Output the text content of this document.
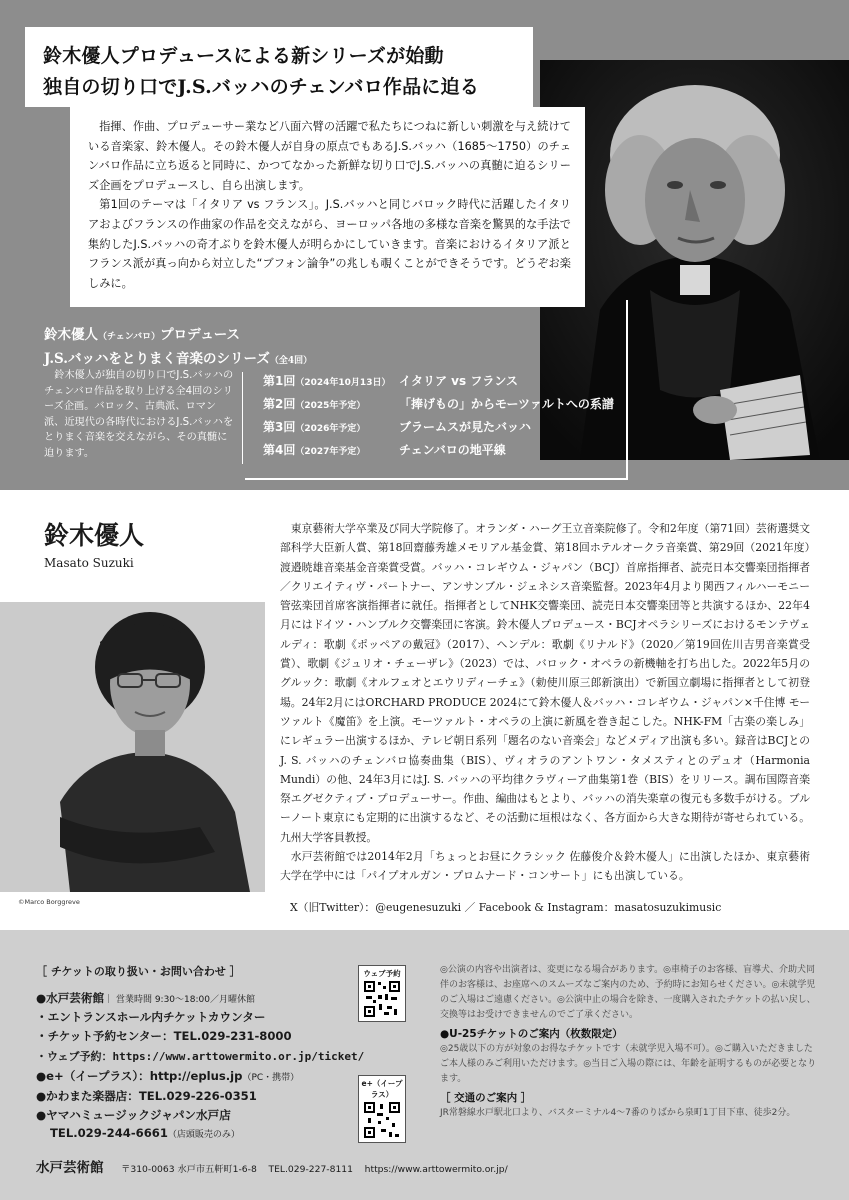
鈴木優人プロデュースによる新シリーズが始動
独自の切り口でJ.S.バッハのチェンバロ作品に迫る

指揮、作曲、プロデューサー業など八面六臂の活躍で私たちにつねに新しい刺激を与え続けている音楽家、鈴木優人。その鈴木優人が自身の原点でもあるJ.S.バッハ（1685～1750）のチェンバロ作品に立ち返ると同時に、かつてなかった新鮮な切り口でJ.S.バッハの真髄に迫るシリーズ企画をプロデュースし、自ら出演します。

第1回のテーマは「イタリア vs フランス」。J.S.バッハと同じバロック時代に活躍したイタリアおよびフランスの作曲家の作品を交えながら、ヨーロッパ各地の多様な音楽を驚異的な手法で集約したJ.S.バッハの奇才ぶりを鈴木優人が明らかにしていきます。音楽におけるイタリア派とフランス派が真っ向から対立した“ブフォン論争”の兆しも覗くことができそうです。どうぞお楽しみに。

鈴木優人（チェンバロ）プロデュース
J.S.バッハをとりまく音楽のシリーズ（全4回）
鈴木優人が独自の切り口でJ.S.バッハのチェンバロ作品を取り上げる全4回のシリーズ企画。バロック、古典派、ロマン派、近現代の各時代におけるJ.S.バッハをとりまく音楽を交えながら、その真髄に迫ります。
第1回（2024年10月13日） イタリア vs フランス
第2回（2025年予定）	「捧げもの」からモーツァルトへの系譜
第3回（2026年予定）	ブラームスが見たバッハ
第4回（2027年予定）	チェンバロの地平線
鈴木優人
Masato Suzuki
©Marco Borggreve

東京藝術大学卒業及び同大学院修了。オランダ・ハーグ王立音楽院修了。令和2年度（第71回）芸術選奨文部科学大臣新人賞、第18回齋藤秀雄メモリアル基金賞、第18回ホテルオークラ音楽賞、第29回（2021年度）渡邉暁雄音楽基金音楽賞受賞。バッハ・コレギウム・ジャパン（BCJ）首席指揮者、読売日本交響楽団指揮者／クリエイティヴ・パートナー、アンサンブル・ジェネシス音楽監督。2023年4月より関西フィルハーモニー管弦楽団首席客演指揮者に就任。指揮者としてNHK交響楽団、読売日本交響楽団等と共演するほか、22年4月にはドイツ・ハンブルク交響楽団に客演。鈴木優人プロデュース・BCJオペラシリーズにおけるモンテヴェルディ：歌劇《ポッペアの戴冠》（2017）、ヘンデル：歌劇《リナルド》（2020／第19回佐川吉男音楽賞受賞）、歌劇《ジュリオ・チェーザレ》（2023）では、バロック・オペラの新機軸を打ち出した。2022年5月のグルック：歌劇《オルフェオとエウリディーチェ》（勅使川原三郎新演出）で新国立劇場に指揮者として初登場。24年2月にはORCHARD PRODUCE 2024にて鈴木優人＆バッハ・コレギウム・ジャパン×千住博 モーツァルト《魔笛》を上演。モーツァルト・オペラの上演に新風を巻き起こした。NHK-FM「古楽の楽しみ」にレギュラー出演するほか、テレビ朝日系列「題名のない音楽会」などメディア出演も多い。録音はBCJとのJ. S. バッハのチェンバロ協奏曲集（BIS）、ヴィオラのアントワン・タメスティとのデュオ（Harmonia Mundi）の他、24年3月にはJ. S. バッハの平均律クラヴィーア曲集第1巻（BIS）をリリース。調布国際音楽祭エグゼクティブ・プロデューサー。作曲、編曲はもとより、バッハの消失楽章の復元も多数手がける。ブルーノート東京にも定期的に出演するなど、その活動に垣根はなく、各方面から大きな期待が寄せられている。九州大学客員教授。

水戸芸術館では2014年2月「ちょっとお昼にクラシック 佐藤俊介＆鈴木優人」に出演したほか、東京藝術大学在学中には「パイプオルガン・プロムナード・コンサート」にも出演している。

X（旧Twitter）：@eugenesuzuki ／ Facebook & Instagram：masatosuzukimusic
［ チケットの取り扱い・お問い合わせ ］
●水戸芸術館｜ 営業時間 9:30～18:00／月曜休館
・エントランスホール内チケットカウンター
・チケット予約センター：TEL.029-231-8000
・ウェブ予約：https://www.arttowermito.or.jp/ticket/
●e+（イープラス）：http://eplus.jp（PC・携帯）
●かわまた楽器店：TEL.029-226-0351
●ヤマハミュージックジャパン水戸店
TEL.029-244-6661（店頭販売のみ）
ウェブ予約
e+（イープラス）
◎公演の内容や出演者は、変更になる場合があります。◎車椅子のお客様、盲導犬、介助犬同伴のお客様は、お座席へのスムーズなご案内のため、予約時にお知らせください。◎未就学児のご入場はご遠慮ください。◎公演中止の場合を除き、一度購入されたチケットの払い戻し、交換等はお受けできませんのでご了承ください。
●U-25チケットのご案内（枚数限定）
◎25歳以下の方が対象のお得なチケットです（未就学児入場不可）。◎ご購入いただきましたご本人様のみご利用いただけます。◎当日ご入場の際には、年齢を証明するものが必要となります。
［ 交通のご案内 ］
JR常磐線水戸駅北口より、バスターミナル4～7番のりばから泉町1丁目下車、徒歩2分。
水戸芸術館 〒310-0063 水戸市五軒町1-6-8 TEL.029-227-8111 https://www.arttowermito.or.jp/
